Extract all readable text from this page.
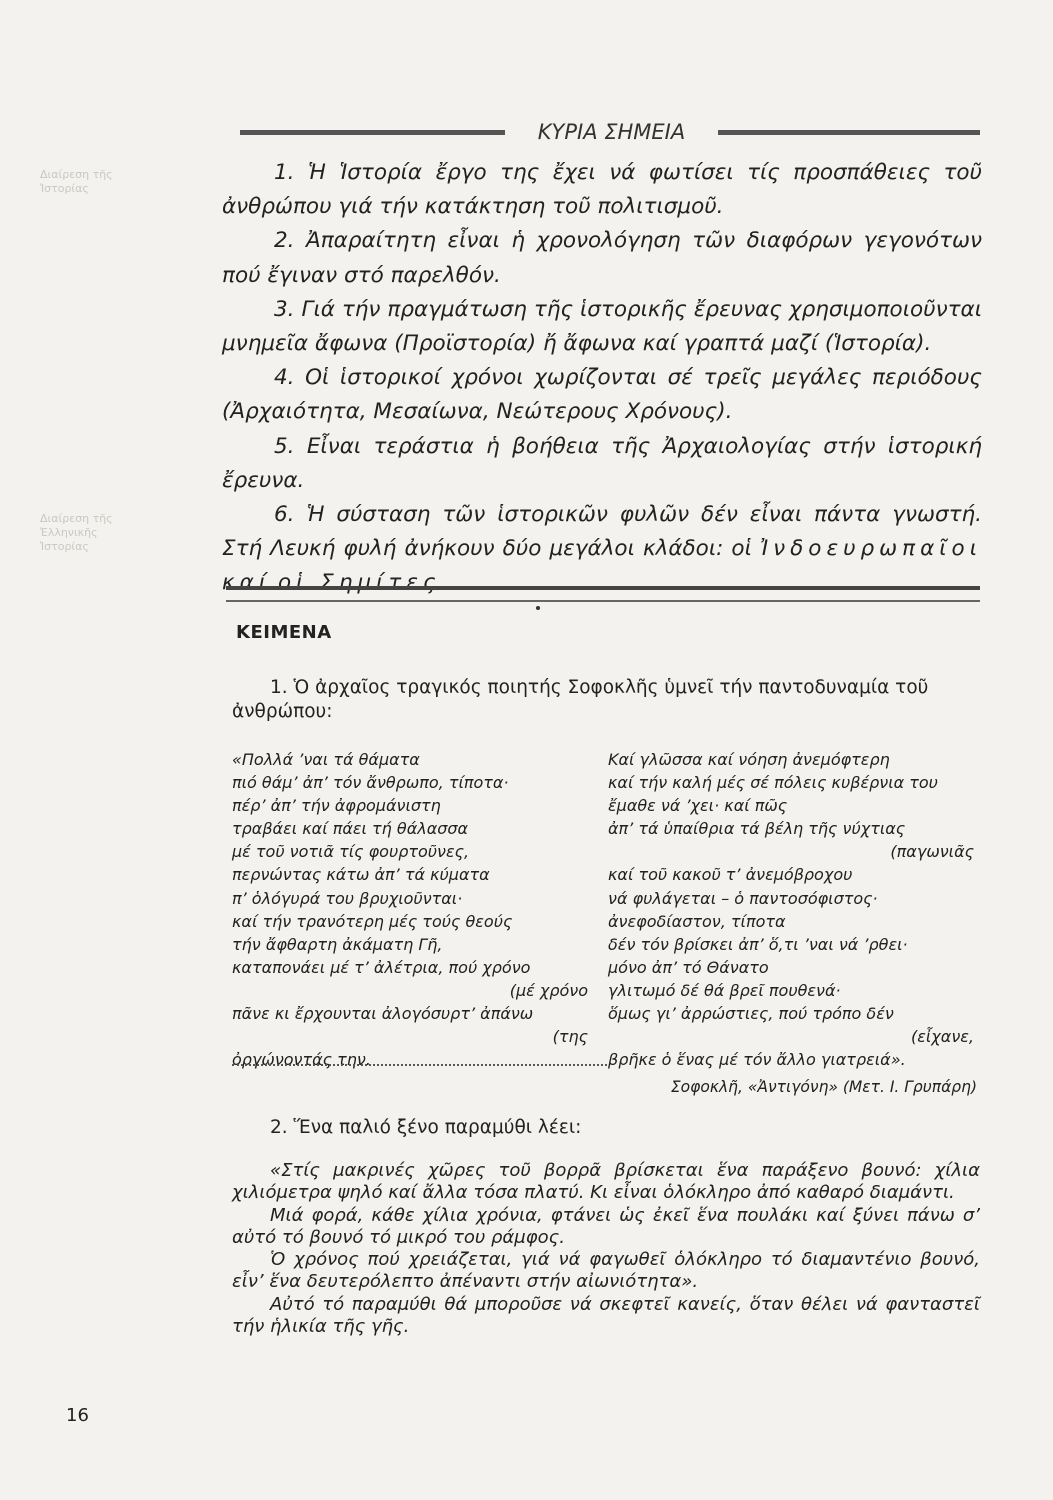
Διαίρεση τῆς
Ἱστορίας
Διαίρεση τῆς
Ἑλληνικῆς
Ἱστορίας
ΚΥΡΙΑ ΣΗΜΕΙΑ

1. Ἡ Ἱστορία ἔργο της ἔχει νά φωτίσει τίς προσπάθειες τοῦ ἀνθρώπου γιά τήν κατάκτηση τοῦ πολιτισμοῦ.

2. Ἀπαραίτητη εἶναι ἡ χρονολόγηση τῶν διαφόρων γεγονότων πού ἔγιναν στό παρελθόν.

3. Γιά τήν πραγμάτωση τῆς ἱστορικῆς ἔρευνας χρησιμοποιοῦνται μνημεῖα ἄφωνα (Προϊστορία) ἤ ἄφωνα καί γραπτά μαζί (Ἱστορία).

4. Οἱ ἱστορικοί χρόνοι χωρίζονται σέ τρεῖς μεγάλες περιόδους (Ἀρχαιότητα, Μεσαίωνα, Νεώτερους Χρόνους).

5. Εἶναι τεράστια ἡ βοήθεια τῆς Ἀρχαιολογίας στήν ἱστορική ἔρευνα.

6. Ἡ σύσταση τῶν ἱστορικῶν φυλῶν δέν εἶναι πάντα γνωστή. Στή Λευκή φυλή ἀνήκουν δύο μεγάλοι κλάδοι: οἱ Ἰνδοευρωπαῖοι καί οἱ Σημίτες.

ΚΕΙΜΕΝΑ
1. Ὁ ἀρχαῖος τραγικός ποιητής Σοφοκλῆς ὑμνεῖ τήν παντοδυναμία τοῦ ἀνθρώπου:

«Πολλά ’ναι τά θάματα

πιό θάμ’ ἀπ’ τόν ἄνθρωπο, τίποτα·

πέρ’ ἀπ’ τήν ἀφρομάνιστη

τραβάει καί πάει τή θάλασσα

μέ τοῦ νοτιᾶ τίς φουρτοῦνες,

περνώντας κάτω ἀπ’ τά κύματα

π’ ὁλόγυρά του βρυχιοῦνται·

καί τήν τρανότερη μές τούς θεούς

τήν ἄφθαρτη ἀκάματη Γῆ,

καταπονάει μέ τ’ ἀλέτρια, πού χρόνο

(μέ χρόνο

πᾶνε κι ἔρχουνται ἀλογόσυρτ’ ἀπάνω

(της

ὀργώνοντάς την.

Καί γλῶσσα καί νόηση ἀνεμόφτερη

καί τήν καλή μές σέ πόλεις κυβέρνια του

ἔμαθε νά ’χει· καί πῶς

ἀπ’ τά ὑπαίθρια τά βέλη τῆς νύχτιας

(παγωνιᾶς

καί τοῦ κακοῦ τ’ ἀνεμόβροχου

νά φυλάγεται – ὁ παντοσόφιστος·

ἀνεφοδίαστον, τίποτα

δέν τόν βρίσκει ἀπ’ ὅ,τι ’ναι νά ’ρθει·

μόνο ἀπ’ τό Θάνατο

γλιτωμό δέ θά βρεῖ πουθενά·

ὅμως γι’ ἀρρώστιες, πού τρόπο δέν

(εἶχανε,

βρῆκε ὁ ἕνας μέ τόν ἄλλο γιατρειά».

Σοφοκλῆ, «Ἀντιγόνη» (Μετ. Ι. Γρυπάρη)
2. Ἕνα παλιό ξένο παραμύθι λέει:

«Στίς μακρινές χῶρες τοῦ βορρᾶ βρίσκεται ἕνα παράξενο βουνό: χίλια χιλιόμετρα ψηλό καί ἄλλα τόσα πλατύ. Κι εἶναι ὁλόκληρο ἀπό καθαρό διαμάντι.

Μιά φορά, κάθε χίλια χρόνια, φτάνει ὡς ἐκεῖ ἕνα πουλάκι καί ξύνει πάνω σ’ αὐτό τό βουνό τό μικρό του ράμφος.

Ὁ χρόνος πού χρειάζεται, γιά νά φαγωθεῖ ὁλόκληρο τό διαμαντένιο βουνό, εἶν’ ἕνα δευτερόλεπτο ἀπέναντι στήν αἰωνιότητα».

Αὐτό τό παραμύθι θά μποροῦσε νά σκεφτεῖ κανείς, ὅταν θέλει νά φανταστεῖ τήν ἡλικία τῆς γῆς.

16
